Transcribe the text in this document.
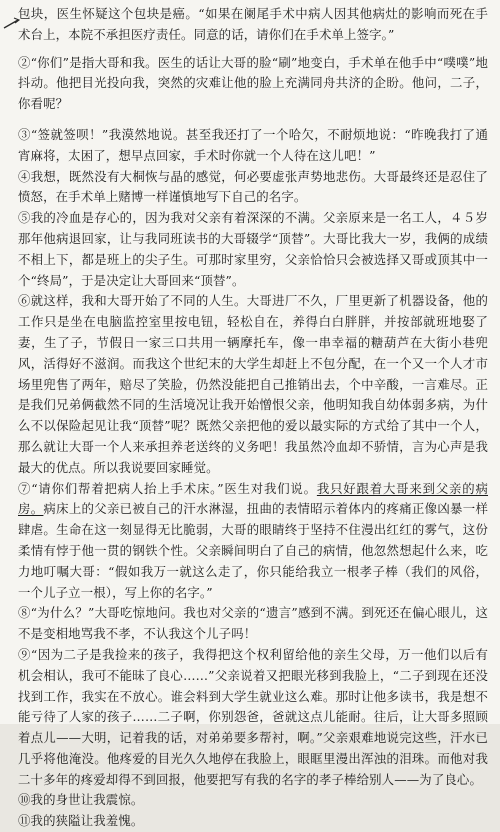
包块，医生怀疑这个包块是癌。“如果在阑尾手术中病人因其他病灶的影响而死在手术台上，本院不承担医疗责任。同意的话，请你们在手术单上签字。”

②“你们”是指大哥和我。医生的话让大哥的脸“刷”地变白，手术单在他手中“噗噗”地抖动。他把目光投向我，突然的灾难让他的脸上充满同舟共济的企盼。他问，二子，你看呢？

③“签就签呗！”我漠然地说。甚至我还打了一个哈欠，不耐烦地说：“昨晚我打了通宵麻将，太困了，想早点回家，手术时你就一个人待在这儿吧！”

④我想，既然没有大桐恢与晶的感觉，何必要虚张声势地悲伤。大哥最终还是忍住了愤怒，在手术单上赌博一样谨慎地写下自己的名字。

⑤我的冷血是存心的，因为我对父亲有着深深的不满。父亲原来是一名工人，４５岁那年他病退回家，让与我同班读书的大哥辍学“顶替”。大哥比我大一岁，我俩的成绩不相上下，都是班上的尖子生。可那时家里穷，父亲恰恰只会被选择又哥或顶其中一个“终局”，于是决定让大哥回来“顶替”。

⑥就这样，我和大哥开始了不同的人生。大哥进厂不久，厂里更新了机器设备，他的工作只是坐在电脑监控室里按电钮，轻松自在，养得白白胖胖，并按部就班地娶了妻，生了子，节假日一家三口共用一辆摩托车，像一串幸福的糖葫芦在大街小巷兜风，活得好不滋润。而我这个世纪末的大学生却赶上不包分配，在一个又一个人才市场里兜售了两年，赔尽了笑脸，仍然没能把自己推销出去，个中辛酸，一言难尽。正是我们兄弟俩截然不同的生活境况让我开始憎恨父亲，他明知我自幼体弱多病，为什么不以保险起见让我“顶替”呢？既然父亲把他的爱以最实际的方式给了其中一个人，那么就让大哥一个人来承担养老送终的义务吧！我虽然冷血却不骄情，言为心声是我最大的优点。所以我说要回家睡觉。

⑦“请你们帮着把病人抬上手术床。”医生对我们说。我只好跟着大哥来到父亲的病房。病床上的父亲已被自己的汗水淋湿，扭曲的表情昭示着体内的疼痛正像凶暴一样肆虐。生命在这一刻显得无比脆弱，大哥的眼睛终于坚持不住漫出红红的雾气，这份柔情有悖于他一贯的钢铁个性。父亲瞬间明白了自己的病情，他忽然想起什么来，吃力地叮嘱大哥：“假如我万一就这么走了，你只能给我立一根孝子棒（我们的风俗，一个儿子立一根），写上你的名字。”

⑧“为什么？”大哥吃惊地问。我也对父亲的“遗言”感到不满。到死还在偏心眼儿，这不是变相地骂我不孝，不认我这个儿子吗！

⑨“因为二子是我捡来的孩子，我得把这个权利留给他的亲生父母，万一他们以后有机会相认，我可不能昧了良心……”父亲说着又把眼光移到我脸上，“二子到现在还没找到工作，我实在不放心。谁会料到大学生就业这么难。那时让他多读书，我是想不能亏待了人家的孩子……二子啊，你别怨爸，爸就这点儿能耐。往后，让大哥多照顾着点儿——大明，记着我的话，对弟弟要多帮衬，啊。”父亲艰难地说完这些，汗水已几乎将他淹没。他疼爱的目光久久地停在我脸上，眼眶里漫出浑浊的泪珠。而他对我二十多年的疼爱却得不到回报，他要把写有我的名字的孝子棒给别人——为了良心。

⑩我的身世让我震惊。

⑪我的狭隘让我羞愧。
